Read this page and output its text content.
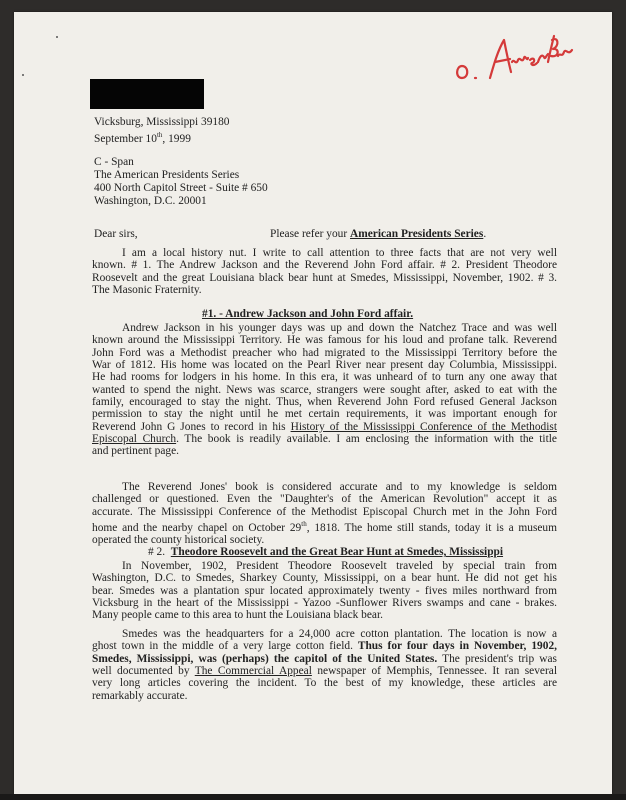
Vicksburg, Mississippi 39180
September 10th, 1999
C - Span
The American Presidents Series
400 North Capitol Street - Suite # 650
Washington, D.C. 20001
Dear sirs,	Please refer your American Presidents Series.
I am a local history nut. I write to call attention to three facts that are not very well
known. # 1. The Andrew Jackson and the Reverend John Ford affair. # 2. President Theodore
Roosevelt and the great Louisiana black bear hunt at Smedes, Mississippi, November, 1902. # 3.
The Masonic Fraternity.
#1. - Andrew Jackson and John Ford affair.
Andrew Jackson in his younger days was up and down the Natchez Trace and was well
known around the Mississippi Territory. He was famous for his loud and profane talk. Reverend
John Ford was a Methodist preacher who had migrated to the Mississippi Territory before the
War of 1812. His home was located on the Pearl River near present day Columbia, Mississippi.
He had rooms for lodgers in his home. In this era, it was unheard of to turn any one away that
wanted to spend the night. News was scarce, strangers were sought after, asked to eat with the
family, encouraged to stay the night. Thus, when Reverend John Ford refused General Jackson
permission to stay the night until he met certain requirements, it was important enough for
Reverend John G Jones to record in his History of the Mississippi Conference of the Methodist
Episcopal Church. The book is readily available. I am enclosing the information with the title
and pertinent page.
The Reverend Jones' book is considered accurate and to my knowledge is seldom
challenged or questioned. Even the "Daughter's of the American Revolution" accept it as
accurate. The Mississippi Conference of the Methodist Episcopal Church met in the John Ford
home and the nearby chapel on October 29th, 1818. The home still stands, today it is a museum
operated the county historical society.
# 2. Theodore Roosevelt and the Great Bear Hunt at Smedes, Mississippi
In November, 1902, President Theodore Roosevelt traveled by special train from
Washington, D.C. to Smedes, Sharkey County, Mississippi, on a bear hunt. He did not get his
bear. Smedes was a plantation spur located approximately twenty - fives miles northward from
Vicksburg in the heart of the Mississippi - Yazoo -Sunflower Rivers swamps and cane - brakes.
Many people came to this area to hunt the Louisiana black bear.
Smedes was the headquarters for a 24,000 acre cotton plantation. The location is now a
ghost town in the middle of a very large cotton field. Thus for four days in November, 1902,
Smedes, Mississippi, was (perhaps) the capitol of the United States. The president's trip was
well documented by The Commercial Appeal newspaper of Memphis, Tennessee. It ran several
very long articles covering the incident. To the best of my knowledge, these articles are
remarkably accurate.
